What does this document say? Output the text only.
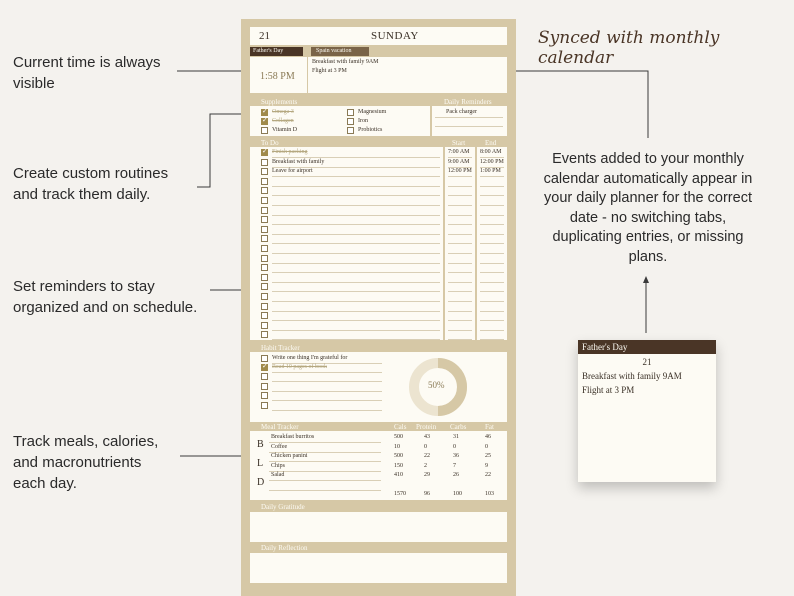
Current time is always
visible
Create custom routines
and track them daily.
Set reminders to stay
organized and on schedule.
Track meals, calories,
and macronutrients
each day.
Synced with monthly calendar
Events added to your monthly
calendar automatically appear in
your daily planner for the correct
date - no switching tabs,
duplicating entries, or missing
plans.
21	SUNDAY
Father's Day	Spain vacation
1:58 PM
Breakfast with family 9AM
Flight at 3 PM
Supplements	Daily Reminders
✓
Omega 3	Magnesium
✓
Collagen	Iron
Vitamin D	Probiotics
Pack charger
To Do	Start	End
✓
Finish packing	7:00 AM 8:00 AM
Breakfast with family	9:00 AM 12:00 PM
Leave for airport	12:00 PM 1:00 PM
Habit Tracker
Write one thing I'm grateful for
✓
Read 10 pages of book
50%
Meal Tracker	Cals Protein Carbs	Fat
B
L
D
Breakfast burritos	500	43	31	46
Coffee	10	0	0	0
Chicken panini	500	22	36	25
Chips	150	2	7	9
Salad	410	29	26	22
1570	96	100	103
Daily Gratitude
Daily Reflection
Father's Day
21
Breakfast with family 9AM
Flight at 3 PM
